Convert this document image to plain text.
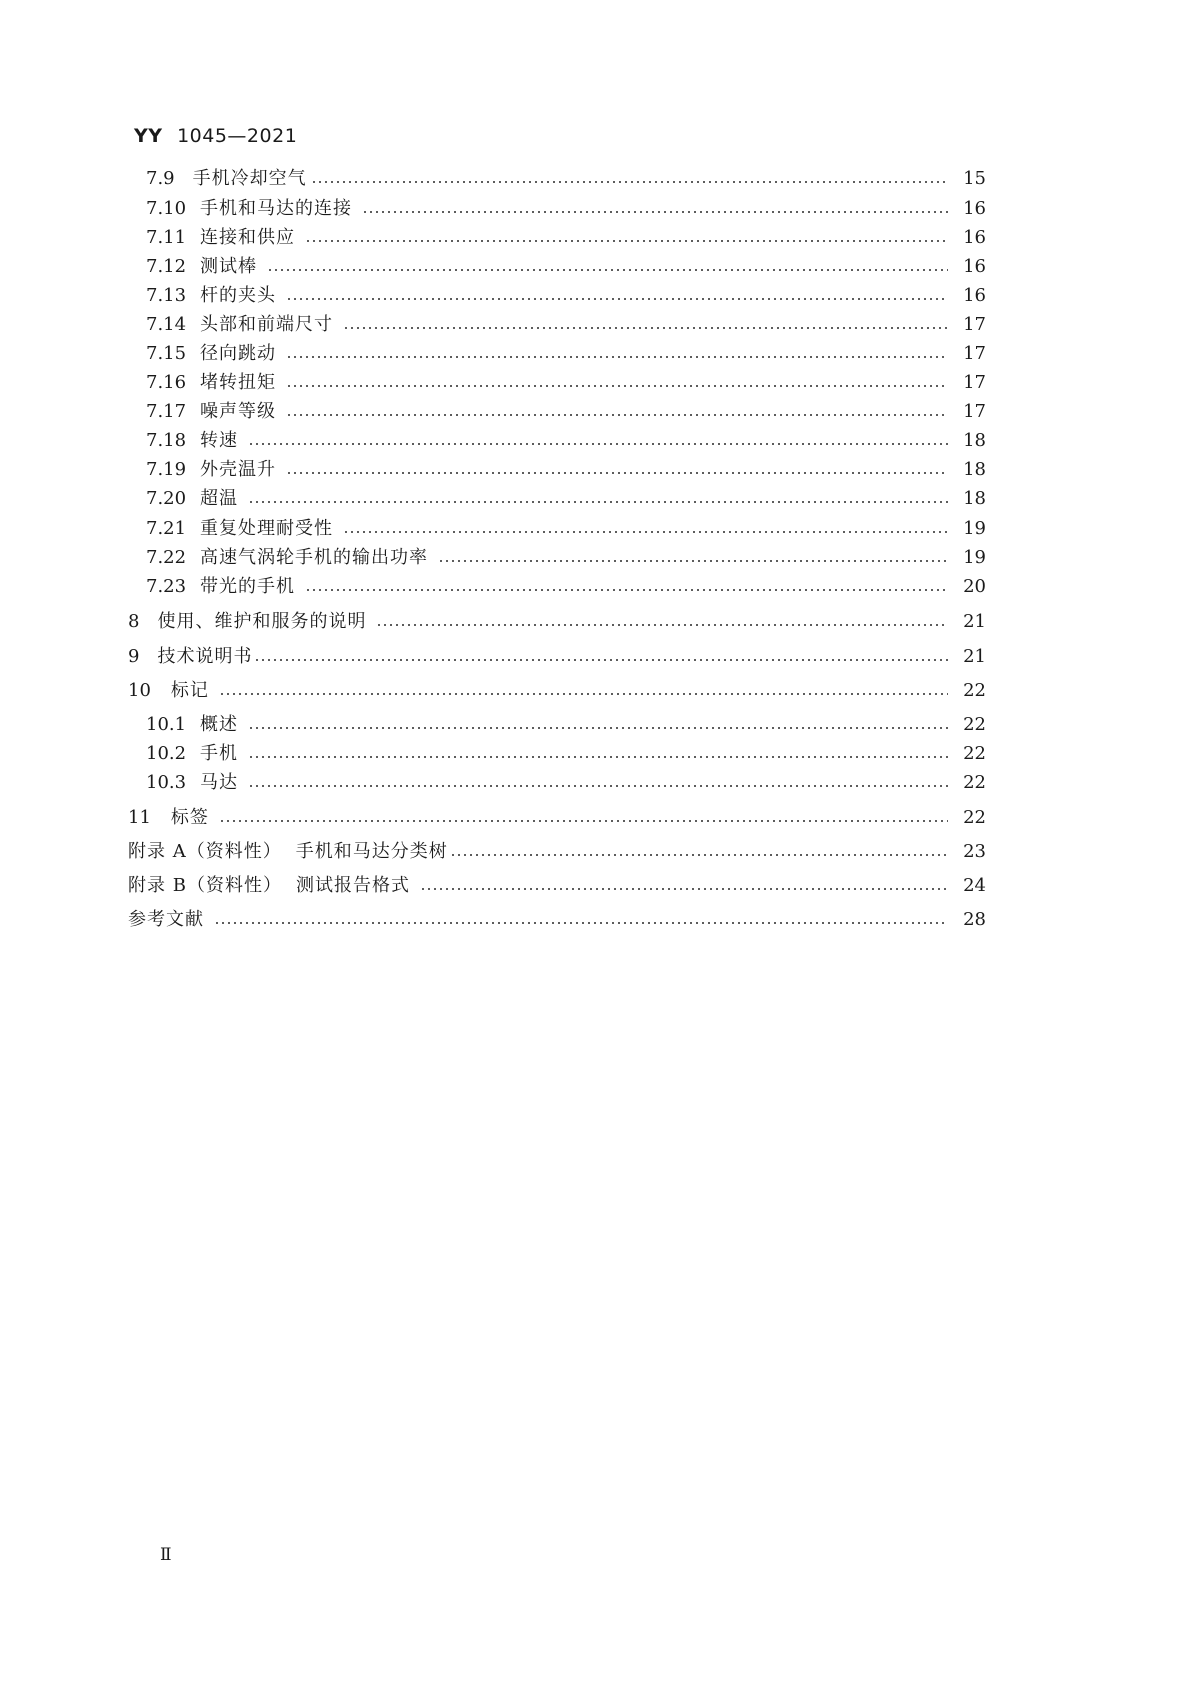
YY 1045—2021
7.9 手机冷却空气	15
7.10 手机和马达的连接	16
7.11 连接和供应	16
7.12 测试棒	16
7.13 杆的夹头	16
7.14 头部和前端尺寸	17
7.15 径向跳动	17
7.16 堵转扭矩	17
7.17 噪声等级	17
7.18 转速	18
7.19 外壳温升	18
7.20 超温	18
7.21 重复处理耐受性	19
7.22 高速气涡轮手机的输出功率	19
7.23 带光的手机	20
8 使用、维护和服务的说明	21
9 技术说明书	21
10 标记	22
10.1 概述	22
10.2 手机	22
10.3 马达	22
11 标签	22
附录 A（资料性） 手机和马达分类树	23
附录 B（资料性） 测试报告格式	24
参考文献	28
Ⅱ
